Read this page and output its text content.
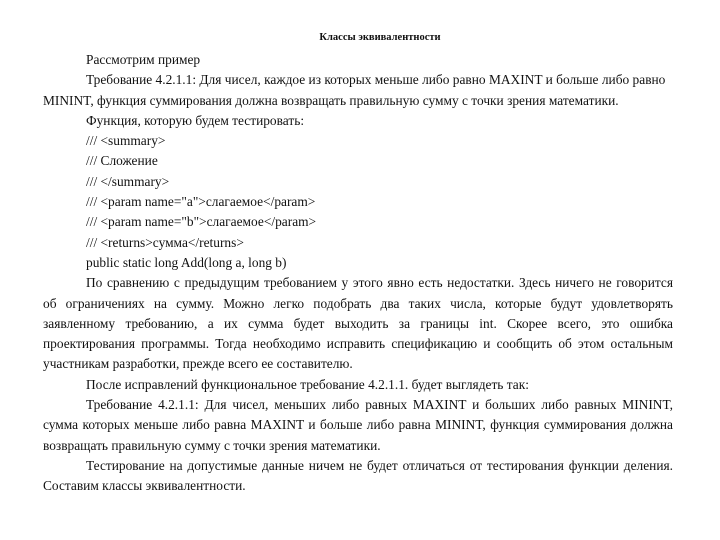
Классы эквивалентности

Рассмотрим пример

Требование 4.2.1.1: Для чисел, каждое из которых меньше либо равно MAXINT и больше либо равно MININT, функция суммирования должна возвращать правильную сумму с точки зрения математики.

Функция, которую будем тестировать:

/// <summary>

/// Сложение

/// </summary>

/// <param name="a">слагаемое</param>

/// <param name="b">слагаемое</param>

/// <returns>сумма</returns>

public static long Add(long a, long b)

По сравнению с предыдущим требованием у этого явно есть недостатки. Здесь ничего не говорится об ограничениях на сумму. Можно легко подобрать два таких числа, которые будут удовлетворять заявленному требованию, а их сумма будет выходить за границы int. Скорее всего, это ошибка проектирования программы. Тогда необходимо исправить спецификацию и сообщить об этом остальным участникам разработки, прежде всего ее составителю.

После исправлений функциональное требование 4.2.1.1. будет выглядеть так:

Требование 4.2.1.1: Для чисел, меньших либо равных MAXINT и больших либо равных MININT, сумма которых меньше либо равна MAXINT и больше либо равна MININT, функция суммирования должна возвращать правильную сумму с точки зрения математики.

Тестирование на допустимые данные ничем не будет отличаться от тестирования функции деления. Составим классы эквивалентности.
